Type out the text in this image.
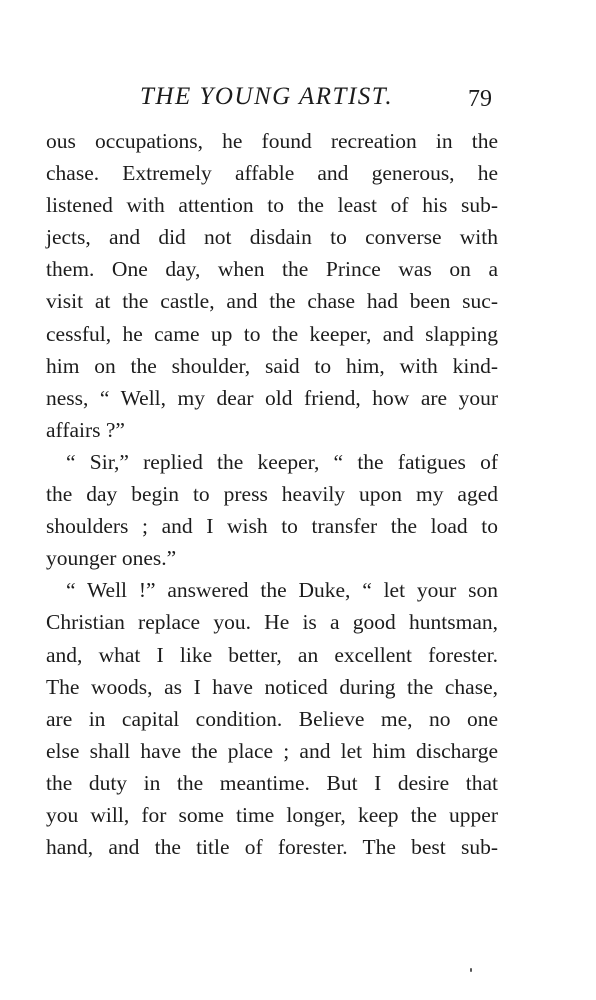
THE YOUNG ARTIST.	79
ous occupations, he found recreation in the
chase. Extremely affable and generous, he
listened with attention to the least of his sub-
jects, and did not disdain to converse with
them. One day, when the Prince was on a
visit at the castle, and the chase had been suc-
cessful, he came up to the keeper, and slapping
him on the shoulder, said to him, with kind-
ness, “ Well, my dear old friend, how are your
affairs ?”
“ Sir,” replied the keeper, “ the fatigues of
the day begin to press heavily upon my aged
shoulders ; and I wish to transfer the load to
younger ones.”
“ Well !” answered the Duke, “ let your son
Christian replace you. He is a good huntsman,
and, what I like better, an excellent forester.
The woods, as I have noticed during the chase,
are in capital condition. Believe me, no one
else shall have the place ; and let him discharge
the duty in the meantime. But I desire that
you will, for some time longer, keep the upper
hand, and the title of forester. The best sub-
